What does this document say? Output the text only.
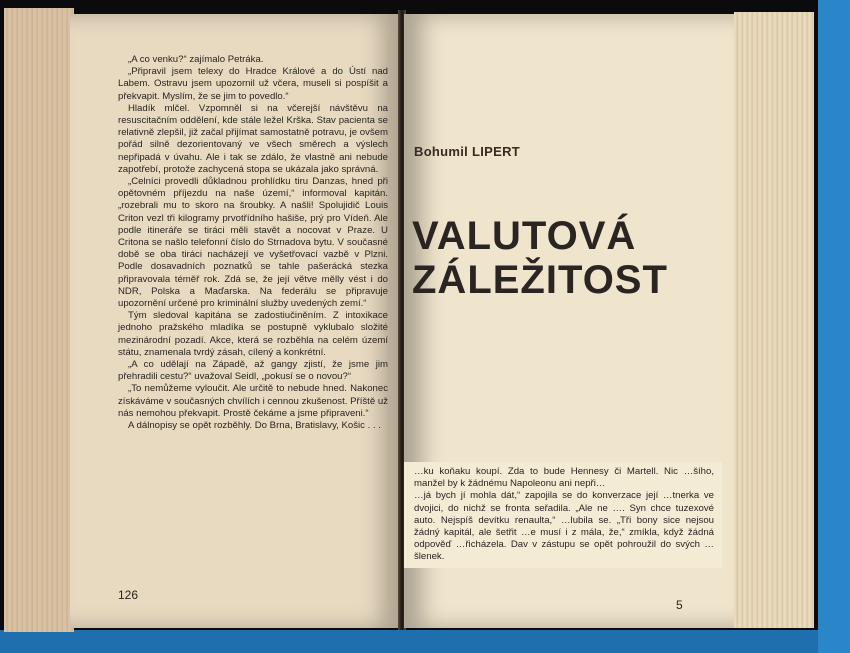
„A co venku?“ zajímalo Petráka.

„Připravil jsem telexy do Hradce Králové a do Ústí nad Labem. Ostravu jsem upozornil už včera, museli si pospíšit a překvapit. Myslím, že se jim to povedlo.“

Hladík mlčel. Vzpomněl si na včerejší návštěvu na resuscitačním oddělení, kde stále ležel Krška. Stav pacienta se relativně zlepšil, již začal přijímat samostatně potravu, je ovšem pořád silně dezorientovaný ve všech směrech a výslech nepřipadá v úvahu. Ale i tak se zdálo, že vlastně ani nebude zapotřebí, protože zachycená stopa se ukázala jako správná.

„Celníci provedli důkladnou prohlídku tiru Danzas, hned při opětovném příjezdu na naše území,“ informoval kapitán. „rozebrali mu to skoro na šroubky. A našli! Spolujidič Louis Criton vezl tři kilogramy prvotřídního hašiše, prý pro Vídeň. Ale podle itineráře se tiráci měli stavět a nocovat v Praze. U Critona se našlo telefonní číslo do Strnadova bytu. V současné době se oba tiráci nacházejí ve vyšetřovací vazbě v Plzni. Podle dosavadních poznatků se tahle pašerácká stezka připravovala téměř rok. Zdá se, že její větve mělly vést i do NDR, Polska a Maďarska. Na federálu se připravuje upozornění určené pro kriminální služby uvedených zemí.“

Tým sledoval kapitána se zadostiučiněním. Z intoxikace jednoho pražského mladíka se postupně vyklubalo složité mezinárodní pozadí. Akce, která se rozběhla na celém území státu, znamenala tvrdý zásah, cílený a konkrétní.

„A co udělají na Západě, až gangy zjistí, že jsme jim přehradili cestu?“ uvažoval Seidl, „pokusí se o novou?“

„To nemůžeme vyloučit. Ale určitě to nebude hned. Nakonec získáváme v současných chvílích i cennou zkušenost. Příště už nás nemohou překvapit. Prostě čekáme a jsme připraveni.“

A dálnopisy se opět rozběhly. Do Brna, Bratislavy, Košic . . .

126
Bohumil LIPERT
VALUTOVÁ
ZÁLEŽITOST

…ku koňaku koupí. Zda to bude Hennesy či Martell. Nic …šího, manžel by k žádnému Napoleonu ani nepři…

…já bych jí mohla dát,“ zapojila se do konverzace její …tnerka ve dvojici, do nichž se fronta seřadila. „Ale ne …. Syn chce tuzexové auto. Nejspíš devítku renaulta,“ …lubila se. „Tři bony sice nejsou žádný kapitál, ale šetřit …e musí i z mála, že,“ zmíkla, když žádná odpověď …řicházela. Dav v zástupu se opět pohroužil do svých …šlenek.

5
